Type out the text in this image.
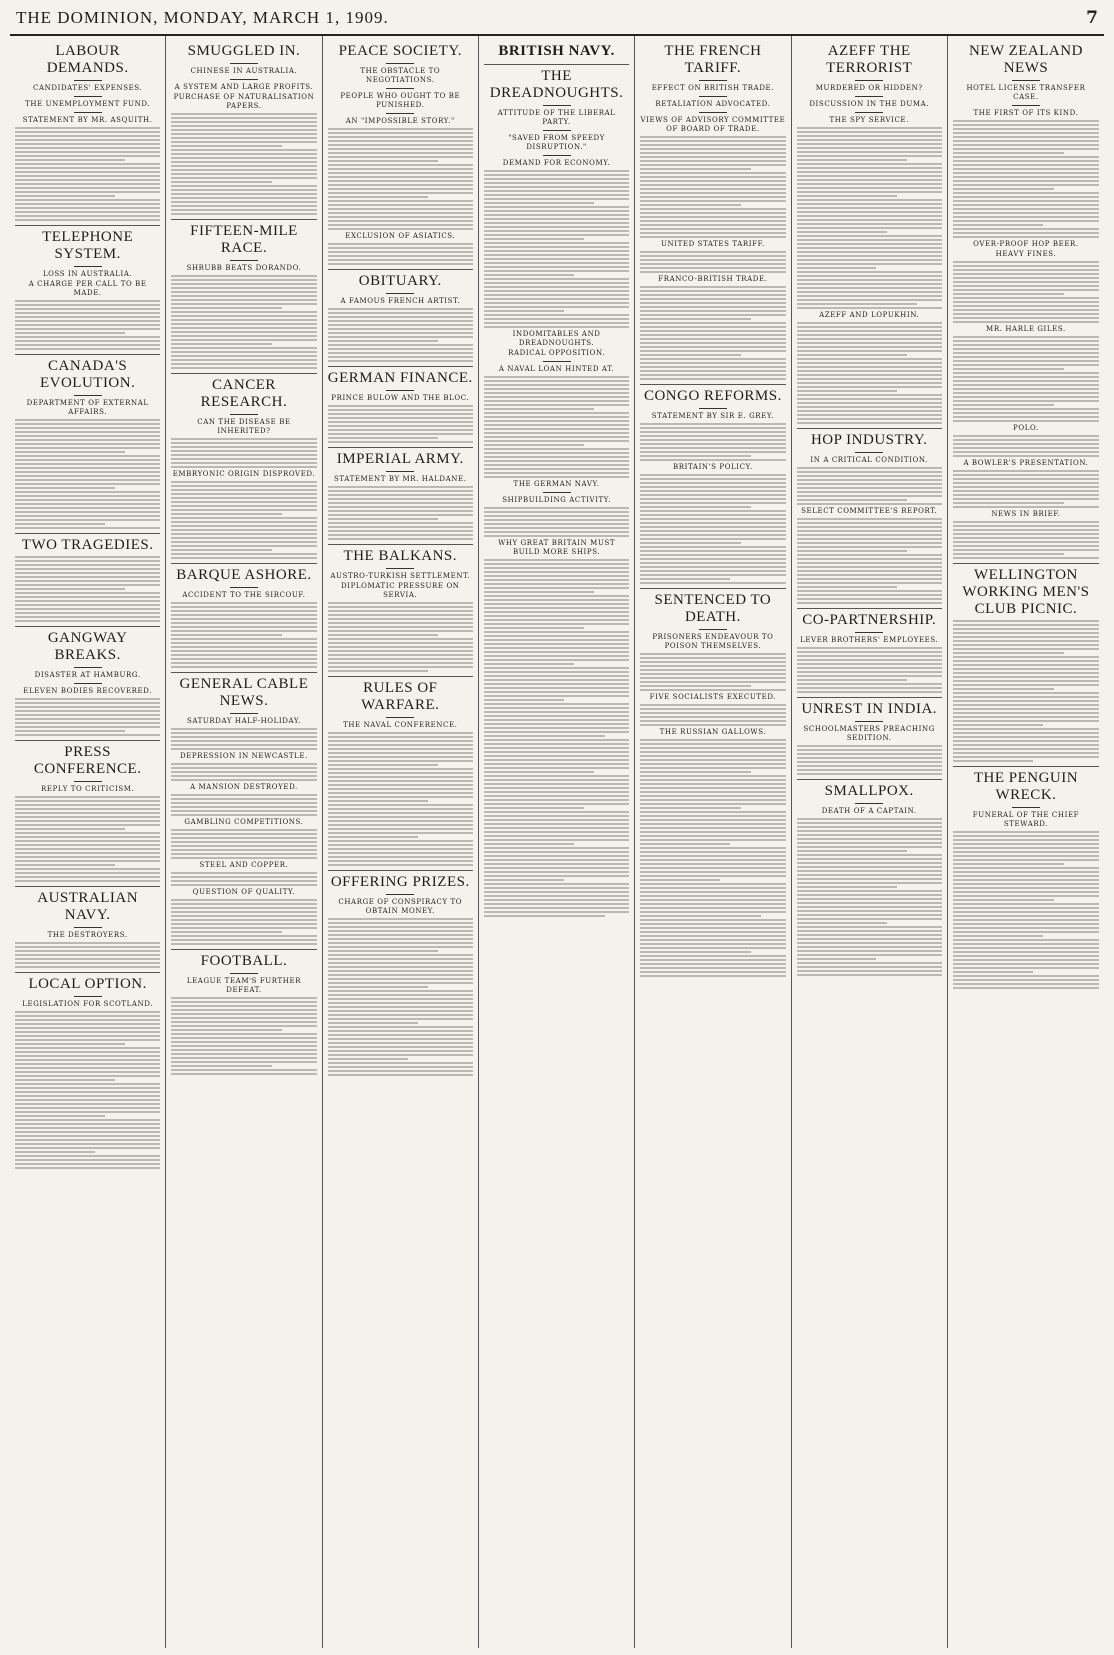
THE DOMINION, MONDAY, MARCH 1, 1909.	7
LABOUR DEMANDS.
CANDIDATES' EXPENSES.
THE UNEMPLOYMENT FUND.
STATEMENT BY MR. ASQUITH.
TELEPHONE SYSTEM.
LOSS IN AUSTRALIA.
A CHARGE PER CALL TO BE MADE.
CANADA'S EVOLUTION.
DEPARTMENT OF EXTERNAL AFFAIRS.
TWO TRAGEDIES.
GANGWAY BREAKS.
DISASTER AT HAMBURG.
ELEVEN BODIES RECOVERED.
PRESS CONFERENCE.
REPLY TO CRITICISM.
AUSTRALIAN NAVY.
THE DESTROYERS.
LOCAL OPTION.
LEGISLATION FOR SCOTLAND.
SMUGGLED IN.
CHINESE IN AUSTRALIA.
A SYSTEM AND LARGE PROFITS.
PURCHASE OF NATURALISATION PAPERS.
FIFTEEN-MILE RACE.
SHRUBB BEATS DORANDO.
CANCER RESEARCH.
CAN THE DISEASE BE INHERITED?
EMBRYONIC ORIGIN DISPROVED.
BARQUE ASHORE.
ACCIDENT TO THE SIRCOUF.
GENERAL CABLE NEWS.
SATURDAY HALF-HOLIDAY.
DEPRESSION IN NEWCASTLE.
A MANSION DESTROYED.
GAMBLING COMPETITIONS.
STEEL AND COPPER.
QUESTION OF QUALITY.
FOOTBALL.
LEAGUE TEAM'S FURTHER DEFEAT.
PEACE SOCIETY.
THE OBSTACLE TO NEGOTIATIONS.
PEOPLE WHO OUGHT TO BE PUNISHED.
AN "IMPOSSIBLE STORY."
EXCLUSION OF ASIATICS.
OBITUARY.
A FAMOUS FRENCH ARTIST.
GERMAN FINANCE.
PRINCE BULOW AND THE BLOC.
IMPERIAL ARMY.
STATEMENT BY MR. HALDANE.
THE BALKANS.
AUSTRO-TURKISH SETTLEMENT.
DIPLOMATIC PRESSURE ON SERVIA.
RULES OF WARFARE.
THE NAVAL CONFERENCE.
OFFERING PRIZES.
CHARGE OF CONSPIRACY TO OBTAIN MONEY.
BRITISH NAVY.
THE DREADNOUGHTS.
ATTITUDE OF THE LIBERAL PARTY.
"SAVED FROM SPEEDY DISRUPTION."
DEMAND FOR ECONOMY.
INDOMITABLES AND DREADNOUGHTS.
RADICAL OPPOSITION.
A NAVAL LOAN HINTED AT.
THE GERMAN NAVY.
SHIPBUILDING ACTIVITY.
WHY GREAT BRITAIN MUST BUILD MORE SHIPS.
THE FRENCH TARIFF.
EFFECT ON BRITISH TRADE.
RETALIATION ADVOCATED.
VIEWS OF ADVISORY COMMITTEE OF BOARD OF TRADE.
UNITED STATES TARIFF.
FRANCO-BRITISH TRADE.
CONGO REFORMS.
STATEMENT BY SIR E. GREY.
BRITAIN'S POLICY.
SENTENCED TO DEATH.
PRISONERS ENDEAVOUR TO POISON THEMSELVES.
FIVE SOCIALISTS EXECUTED.
THE RUSSIAN GALLOWS.
AZEFF THE TERRORIST
MURDERED OR HIDDEN?
DISCUSSION IN THE DUMA.
THE SPY SERVICE.
AZEFF AND LOPUKHIN.
HOP INDUSTRY.
IN A CRITICAL CONDITION.
SELECT COMMITTEE'S REPORT.
CO-PARTNERSHIP.
LEVER BROTHERS' EMPLOYEES.
UNREST IN INDIA.
SCHOOLMASTERS PREACHING SEDITION.
SMALLPOX.
DEATH OF A CAPTAIN.
NEW ZEALAND NEWS
HOTEL LICENSE TRANSFER CASE.
THE FIRST OF ITS KIND.
OVER-PROOF HOP BEER.
HEAVY FINES.
MR. HARLE GILES.
POLO.
A BOWLER'S PRESENTATION.
NEWS IN BRIEF.
WELLINGTON WORKING MEN'S CLUB PICNIC.
THE PENGUIN WRECK.
FUNERAL OF THE CHIEF STEWARD.
